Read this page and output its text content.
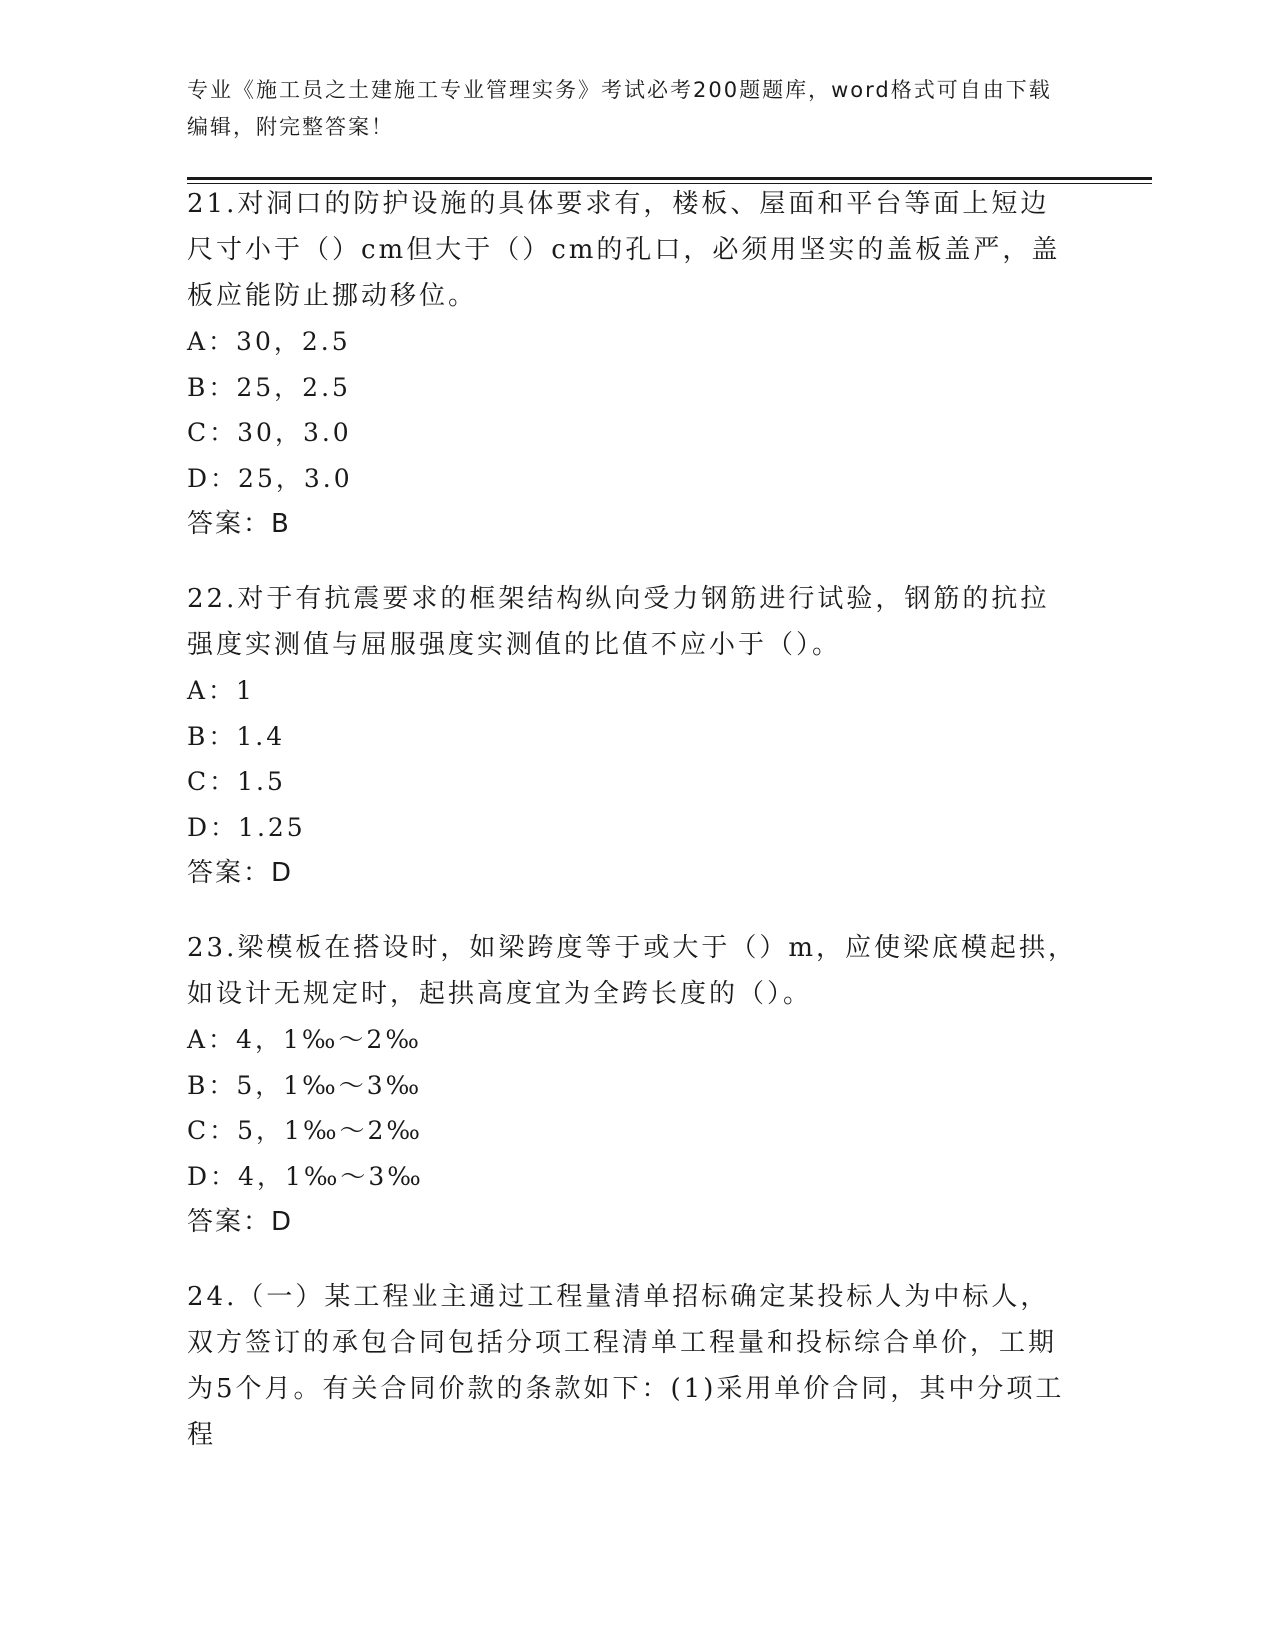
专业《施工员之土建施工专业管理实务》考试必考200题题库，word格式可自由下载编辑，附完整答案！

21.对洞口的防护设施的具体要求有，楼板、屋面和平台等面上短边尺寸小于（）cm但大于（）cm的孔口，必须用坚实的盖板盖严，盖板应能防止挪动移位。

A：30，2.5
B：25，2.5
C：30，3.0
D：25，3.0
答案：B

22.对于有抗震要求的框架结构纵向受力钢筋进行试验，钢筋的抗拉强度实测值与屈服强度实测值的比值不应小于（）。

A：1
B：1.4
C：1.5
D：1.25
答案：D

23.梁模板在搭设时，如梁跨度等于或大于（）m，应使梁底模起拱，如设计无规定时，起拱高度宜为全跨长度的（）。

A：4，1‰～2‰
B：5，1‰～3‰
C：5，1‰～2‰
D：4，1‰～3‰
答案：D

24.（一）某工程业主通过工程量清单招标确定某投标人为中标人，双方签订的承包合同包括分项工程清单工程量和投标综合单价，工期为5个月。有关合同价款的条款如下：(1)采用单价合同，其中分项工程
